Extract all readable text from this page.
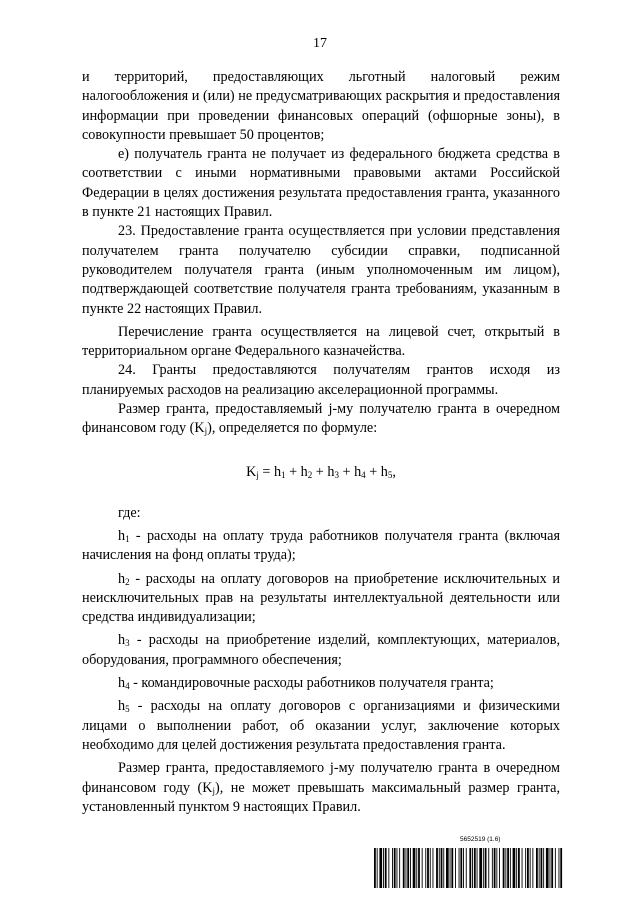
17

и территорий, предоставляющих льготный налоговый режим налогообложения и (или) не предусматривающих раскрытия и предоставления информации при проведении финансовых операций (офшорные зоны), в совокупности превышает 50 процентов;

е) получатель гранта не получает из федерального бюджета средства в соответствии с иными нормативными правовыми актами Российской Федерации в целях достижения результата предоставления гранта, указанного в пункте 21 настоящих Правил.

23. Предоставление гранта осуществляется при условии представления получателем гранта получателю субсидии справки, подписанной руководителем получателя гранта (иным уполномоченным им лицом), подтверждающей соответствие получателя гранта требованиям, указанным в пункте 22 настоящих Правил.

Перечисление гранта осуществляется на лицевой счет, открытый в территориальном органе Федерального казначейства.

24. Гранты предоставляются получателям грантов исходя из планируемых расходов на реализацию акселерационной программы.

Размер гранта, предоставляемый j-му получателю гранта в очередном финансовом году $(K_j)$, определяется по формуле:

$K_j = h_1 + h_2 + h_3 + h_4 + h_5$,

где:

$h_1$ - расходы на оплату труда работников получателя гранта (включая начисления на фонд оплаты труда);

$h_2$ - расходы на оплату договоров на приобретение исключительных и неисключительных прав на результаты интеллектуальной деятельности или средства индивидуализации;

$h_3$ - расходы на приобретение изделий, комплектующих, материалов, оборудования, программного обеспечения;

$h_4$ - командировочные расходы работников получателя гранта;

$h_5$ - расходы на оплату договоров с организациями и физическими лицами о выполнении работ, об оказании услуг, заключение которых необходимо для целей достижения результата предоставления гранта.

Размер гранта, предоставляемого j-му получателю гранта в очередном финансовом году $(K_j)$, не может превышать максимальный размер гранта, установленный пунктом 9 настоящих Правил.

5652519 (1.6)
